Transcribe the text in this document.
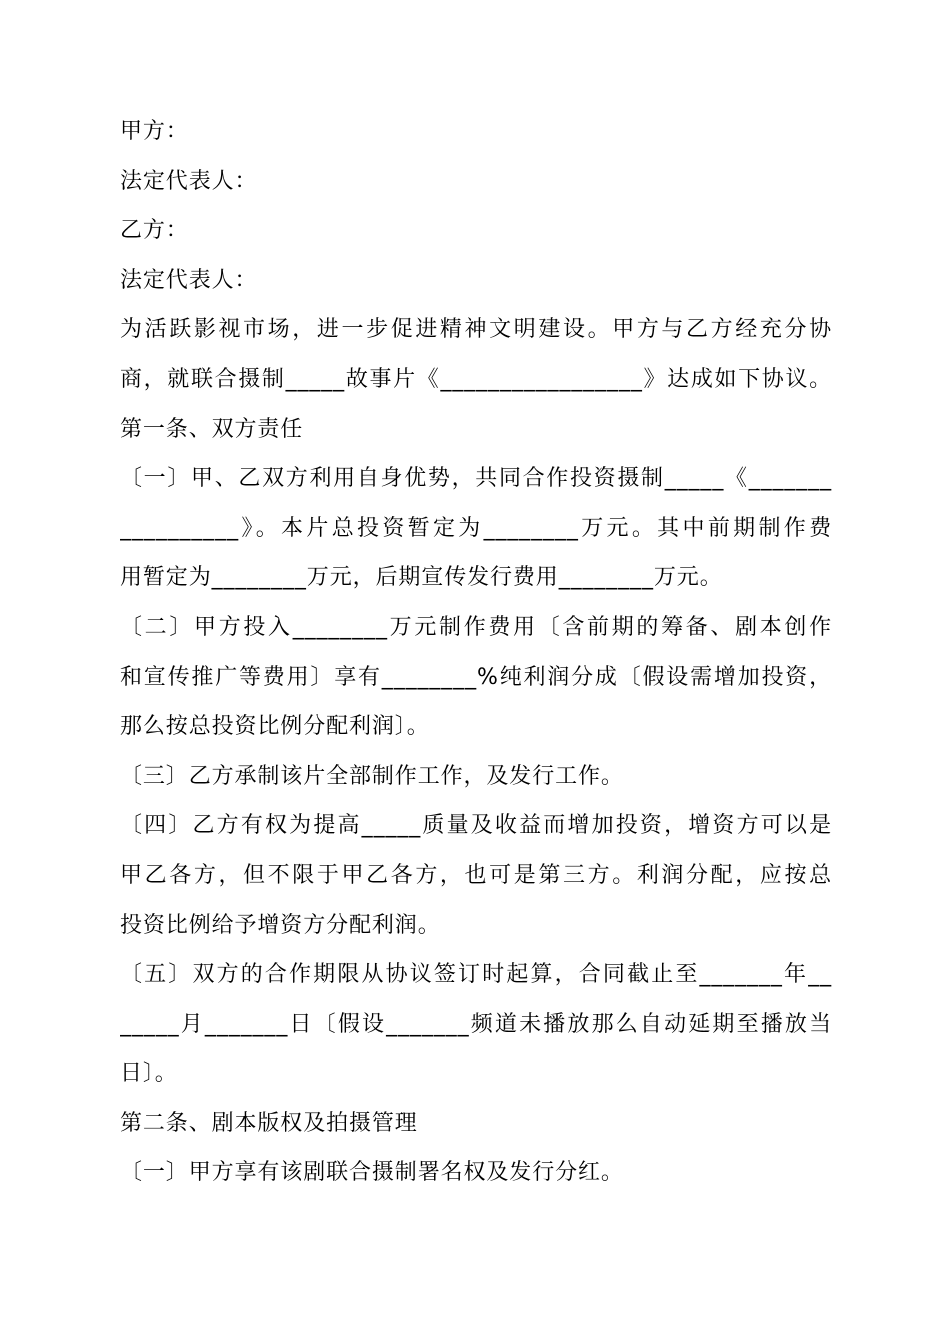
甲方：
法定代表人：
乙方：
法定代表人：
为活跃影视市场，进一步促进精神文明建设。甲方与乙方经充分协
商，就联合摄制_____故事片《_________________》达成如下协议。
第一条、双方责任
〔一〕甲、乙双方利用自身优势，共同合作投资摄制_____《_______
__________》。本片总投资暂定为________万元。其中前期制作费
用暂定为________万元，后期宣传发行费用________万元。
〔二〕甲方投入________万元制作费用〔含前期的筹备、剧本创作
和宣传推广等费用〕享有________%纯利润分成〔假设需增加投资，
那么按总投资比例分配利润〕。
〔三〕乙方承制该片全部制作工作，及发行工作。
〔四〕乙方有权为提高_____质量及收益而增加投资，增资方可以是
甲乙各方，但不限于甲乙各方，也可是第三方。利润分配，应按总
投资比例给予增资方分配利润。
〔五〕双方的合作期限从协议签订时起算，合同截止至_______年__
_____月_______日〔假设_______频道未播放那么自动延期至播放当
日〕。
第二条、剧本版权及拍摄管理
〔一〕甲方享有该剧联合摄制署名权及发行分红。
